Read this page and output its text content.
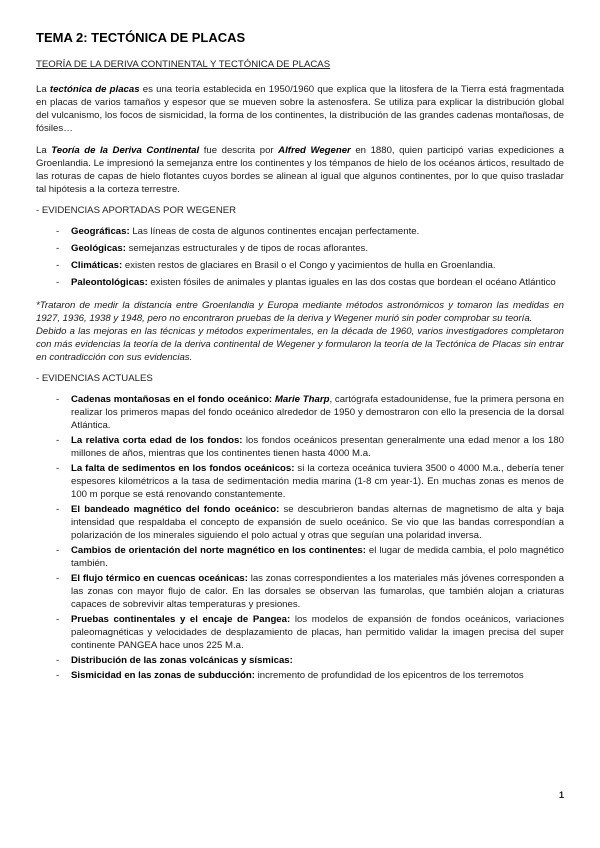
TEMA 2: TECTÓNICA DE PLACAS
TEORÍA DE LA DERIVA CONTINENTAL Y TECTÓNICA DE PLACAS

La tectónica de placas es una teoría establecida en 1950/1960 que explica que la litosfera de la Tierra está fragmentada en placas de varios tamaños y espesor que se mueven sobre la astenosfera. Se utiliza para explicar la distribución global del vulcanismo, los focos de sismicidad, la forma de los continentes, la distribución de las grandes cadenas montañosas, de fósiles…

La Teoría de la Deriva Continental fue descrita por Alfred Wegener en 1880, quien participó varias expediciones a Groenlandia. Le impresionó la semejanza entre los continentes y los témpanos de hielo de los océanos árticos, resultado de las roturas de capas de hielo flotantes cuyos bordes se alinean al igual que algunos continentes, por lo que quiso trasladar tal hipótesis a la corteza terrestre.

- EVIDENCIAS APORTADAS POR WEGENER
- Geográficas: Las líneas de costa de algunos continentes encajan perfectamente.
- Geológicas: semejanzas estructurales y de tipos de rocas aflorantes.
- Climáticas: existen restos de glaciares en Brasil o el Congo y yacimientos de hulla en Groenlandia.
- Paleontológicas: existen fósiles de animales y plantas iguales en las dos costas que bordean el océano Atlántico
*Trataron de medir la distancia entre Groenlandia y Europa mediante métodos astronómicos y tomaron las medidas en 1927, 1936, 1938 y 1948, pero no encontraron pruebas de la deriva y Wegener murió sin poder comprobar su teoría.
Debido a las mejoras en las técnicas y métodos experimentales, en la década de 1960, varios investigadores completaron con más evidencias la teoría de la deriva continental de Wegener y formularon la teoría de la Tectónica de Placas sin entrar en contradicción con sus evidencias.
- EVIDENCIAS ACTUALES
- Cadenas montañosas en el fondo oceánico: Marie Tharp, cartógrafa estadounidense, fue la primera persona en realizar los primeros mapas del fondo oceánico alrededor de 1950 y demostraron con ello la presencia de la dorsal Atlántica.
- La relativa corta edad de los fondos: los fondos oceánicos presentan generalmente una edad menor a los 180 millones de años, mientras que los continentes tienen hasta 4000 M.a.
- La falta de sedimentos en los fondos oceánicos: si la corteza oceánica tuviera 3500 o 4000 M.a., debería tener espesores kilométricos a la tasa de sedimentación media marina (1-8 cm year-1). En muchas zonas es menos de 100 m porque se está renovando constantemente.
- El bandeado magnético del fondo oceánico: se descubrieron bandas alternas de magnetismo de alta y baja intensidad que respaldaba el concepto de expansión de suelo oceánico. Se vio que las bandas correspondían a polarización de los minerales siguiendo el polo actual y otras que seguían una polaridad inversa.
- Cambios de orientación del norte magnético en los continentes: el lugar de medida cambia, el polo magnético también.
- El flujo térmico en cuencas oceánicas: las zonas correspondientes a los materiales más jóvenes corresponden a las zonas con mayor flujo de calor. En las dorsales se observan las fumarolas, que también alojan a criaturas capaces de sobrevivir altas temperaturas y presiones.
- Pruebas continentales y el encaje de Pangea: los modelos de expansión de fondos oceánicos, variaciones paleomagnéticas y velocidades de desplazamiento de placas, han permitido validar la imagen precisa del super continente PANGEA hace unos 225 M.a.
- Distribución de las zonas volcánicas y sísmicas:
- Sismicidad en las zonas de subducción: incremento de profundidad de los epicentros de los terremotos
1
